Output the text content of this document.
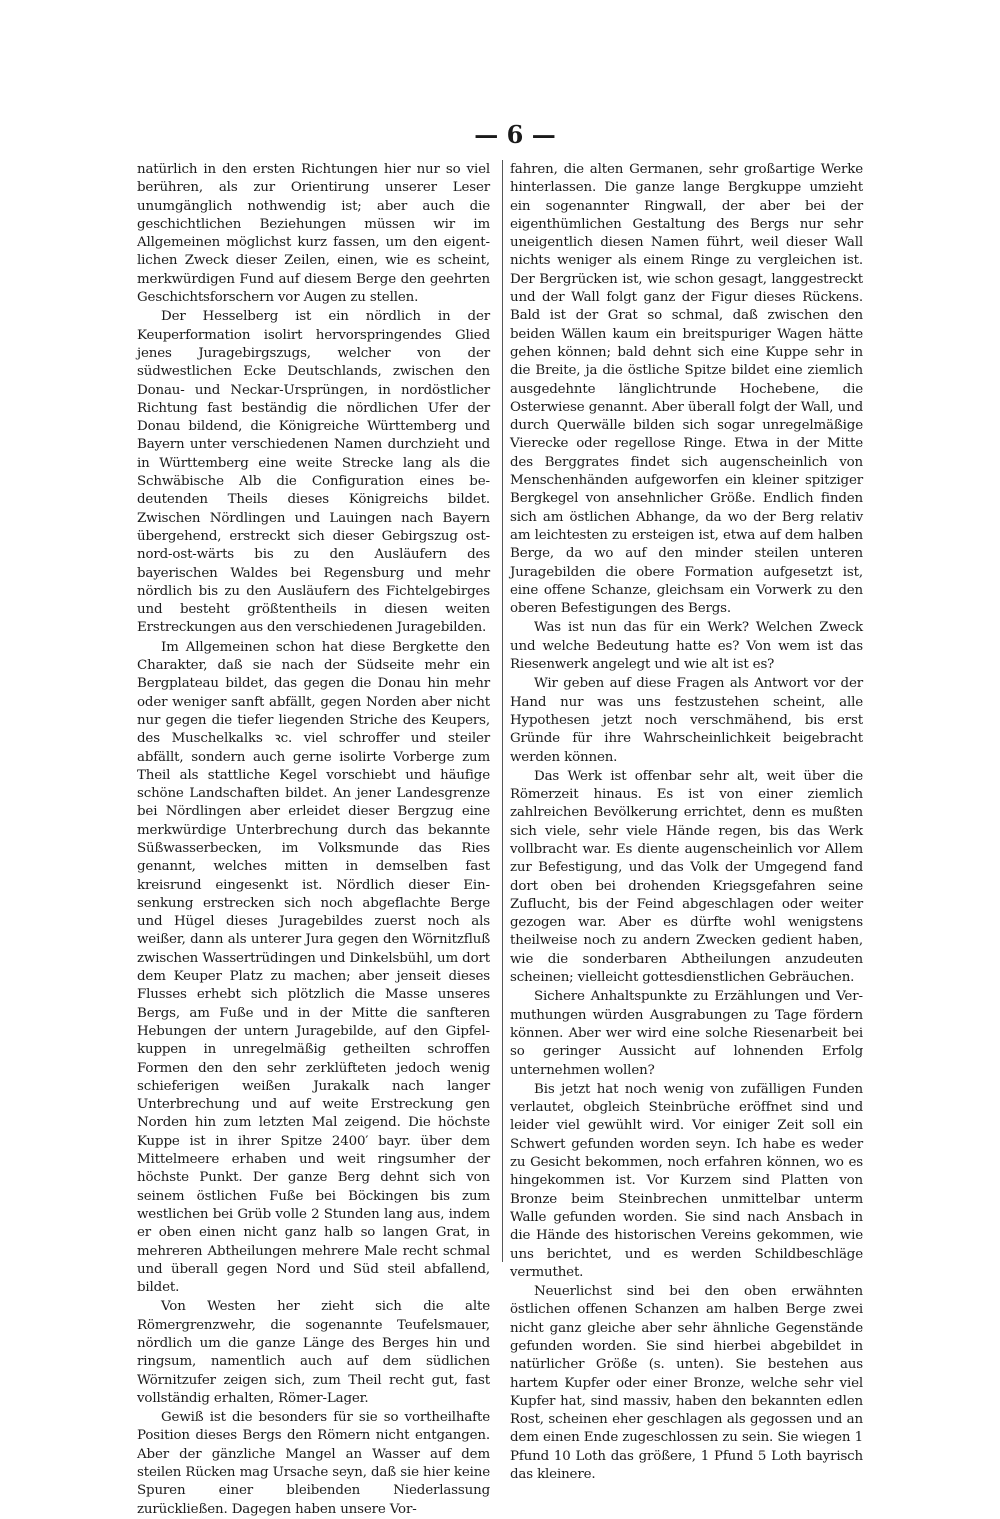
— 6 —

natürlich in den ersten Richtungen hier nur so viel berühren, als zur Orientirung unserer Leser unumgänglich nothwendig ist; aber auch die geschichtlichen Beziehungen müssen wir im Allgemeinen möglichst kurz fassen, um den eigentlichen Zweck dieser Zeilen, einen, wie es scheint, merkwürdigen Fund auf diesem Berge den geehrten Geschichtsforschern vor Augen zu stellen.

Der Hesselberg ist ein nördlich in der Keuperformation isolirt hervorspringendes Glied jenes Juragebirgszugs, welcher von der südwestlichen Ecke Deutschlands, zwischen den Donau- und Neckar-Ursprüngen, in nordöstlicher Richtung fast beständig die nördlichen Ufer der Donau bildend, die Königreiche Württemberg und Bayern unter verschiedenen Namen durchzieht und in Württemberg eine weite Strecke lang als die Schwäbische Alb die Configuration eines bedeutenden Theils dieses Königreichs bildet. Zwischen Nördlingen und Lauingen nach Bayern übergehend, erstreckt sich dieser Gebirgszug ost-nord-ost-wärts bis zu den Ausläufern des bayerischen Waldes bei Regensburg und mehr nördlich bis zu den Ausläufern des Fichtelgebirges und besteht größtentheils in diesen weiten Erstreckungen aus den verschiedenen Juragebilden.

Im Allgemeinen schon hat diese Bergkette den Charakter, daß sie nach der Südseite mehr ein Bergplateau bildet, das gegen die Donau hin mehr oder weniger sanft abfällt, gegen Norden aber nicht nur gegen die tiefer liegenden Striche des Keupers, des Muschelkalks ꝛc. viel schroffer und steiler abfällt, sondern auch gerne isolirte Vorberge zum Theil als stattliche Kegel vorschiebt und häufige schöne Landschaften bildet. An jener Landesgrenze bei Nördlingen aber erleidet dieser Bergzug eine merkwürdige Unterbrechung durch das bekannte Süßwasserbecken, im Volksmunde das Ries genannt, welches mitten in demselben fast kreisrund eingesenkt ist. Nördlich dieser Einsenkung erstrecken sich noch abgeflachte Berge und Hügel dieses Juragebildes zuerst noch als weißer, dann als unterer Jura gegen den Wörnitzfluß zwischen Wassertrüdingen und Dinkelsbühl, um dort dem Keuper Platz zu machen; aber jenseit dieses Flusses erhebt sich plötzlich die Masse unseres Bergs, am Fuße und in der Mitte die sanfteren Hebungen der untern Juragebilde, auf den Gipfelkuppen in unregelmäßig getheilten schroffen Formen den den sehr zerklüfteten jedoch wenig schieferigen weißen Jurakalk nach langer Unterbrechung und auf weite Erstreckung gen Norden hin zum letzten Mal zeigend. Die höchste Kuppe ist in ihrer Spitze 2400′ bayr. über dem Mittelmeere erhaben und weit ringsumher der höchste Punkt. Der ganze Berg dehnt sich von seinem östlichen Fuße bei Böckingen bis zum westlichen bei Grüb volle 2 Stunden lang aus, indem er oben einen nicht ganz halb so langen Grat, in mehreren Abtheilungen mehrere Male recht schmal und überall gegen Nord und Süd steil abfallend, bildet.

Von Westen her zieht sich die alte Römergrenzwehr, die sogenannte Teufelsmauer, nördlich um die ganze Länge des Berges hin und ringsum, namentlich auch auf dem südlichen Wörnitzufer zeigen sich, zum Theil recht gut, fast vollständig erhalten, Römer-Lager.

Gewiß ist die besonders für sie so vortheilhafte Position dieses Bergs den Römern nicht entgangen. Aber der gänzliche Mangel an Wasser auf dem steilen Rücken mag Ursache seyn, daß sie hier keine Spuren einer bleibenden Niederlassung zurückließen. Dagegen haben unsere Vor-

fahren, die alten Germanen, sehr großartige Werke hinterlassen. Die ganze lange Bergkuppe umzieht ein sogenannter Ringwall, der aber bei der eigenthümlichen Gestaltung des Bergs nur sehr uneigentlich diesen Namen führt, weil dieser Wall nichts weniger als einem Ringe zu vergleichen ist. Der Bergrücken ist, wie schon gesagt, langgestreckt und der Wall folgt ganz der Figur dieses Rückens. Bald ist der Grat so schmal, daß zwischen den beiden Wällen kaum ein breitspuriger Wagen hätte gehen können; bald dehnt sich eine Kuppe sehr in die Breite, ja die östliche Spitze bildet eine ziemlich ausgedehnte länglichtrunde Hochebene, die Osterwiese genannt. Aber überall folgt der Wall, und durch Querwälle bilden sich sogar unregelmäßige Vierecke oder regellose Ringe. Etwa in der Mitte des Berggrates findet sich augenscheinlich von Menschenhänden aufgeworfen ein kleiner spitziger Bergkegel von ansehnlicher Größe. Endlich finden sich am östlichen Abhange, da wo der Berg relativ am leichtesten zu ersteigen ist, etwa auf dem halben Berge, da wo auf den minder steilen unteren Juragebilden die obere Formation aufgesetzt ist, eine offene Schanze, gleichsam ein Vorwerk zu den oberen Befestigungen des Bergs.

Was ist nun das für ein Werk? Welchen Zweck und welche Bedeutung hatte es? Von wem ist das Riesenwerk angelegt und wie alt ist es?

Wir geben auf diese Fragen als Antwort vor der Hand nur was uns festzustehen scheint, alle Hypothesen jetzt noch verschmähend, bis erst Gründe für ihre Wahrscheinlichkeit beigebracht werden können.

Das Werk ist offenbar sehr alt, weit über die Römerzeit hinaus. Es ist von einer ziemlich zahlreichen Bevölkerung errichtet, denn es mußten sich viele, sehr viele Hände regen, bis das Werk vollbracht war. Es diente augenscheinlich vor Allem zur Befestigung, und das Volk der Umgegend fand dort oben bei drohenden Kriegsgefahren seine Zuflucht, bis der Feind abgeschlagen oder weiter gezogen war. Aber es dürfte wohl wenigstens theilweise noch zu andern Zwecken gedient haben, wie die sonderbaren Abtheilungen anzudeuten scheinen; vielleicht gottesdienstlichen Gebräuchen.

Sichere Anhaltspunkte zu Erzählungen und Vermuthungen würden Ausgrabungen zu Tage fördern können. Aber wer wird eine solche Riesenarbeit bei so geringer Aussicht auf lohnenden Erfolg unternehmen wollen?

Bis jetzt hat noch wenig von zufälligen Funden verlautet, obgleich Steinbrüche eröffnet sind und leider viel gewühlt wird. Vor einiger Zeit soll ein Schwert gefunden worden seyn. Ich habe es weder zu Gesicht bekommen, noch erfahren können, wo es hingekommen ist. Vor Kurzem sind Platten von Bronze beim Steinbrechen unmittelbar unterm Walle gefunden worden. Sie sind nach Ansbach in die Hände des historischen Vereins gekommen, wie uns berichtet, und es werden Schildbeschläge vermuthet.

Neuerlichst sind bei den oben erwähnten östlichen offenen Schanzen am halben Berge zwei nicht ganz gleiche aber sehr ähnliche Gegenstände gefunden worden. Sie sind hierbei abgebildet in natürlicher Größe (s. unten). Sie bestehen aus hartem Kupfer oder einer Bronze, welche sehr viel Kupfer hat, sind massiv, haben den bekannten edlen Rost, scheinen eher geschlagen als gegossen und an dem einen Ende zugeschlossen zu sein. Sie wiegen 1 Pfund 10 Loth das größere, 1 Pfund 5 Loth bayrisch das kleinere.
